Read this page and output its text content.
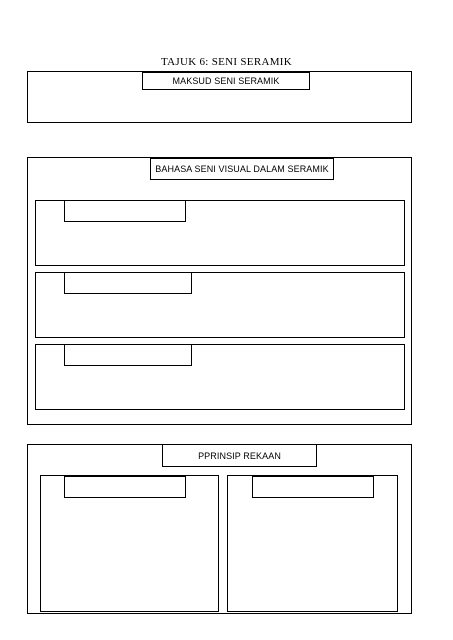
TAJUK 6: SENI SERAMIK
MAKSUD SENI SERAMIK
BAHASA SENI VISUAL DALAM SERAMIK
PPRINSIP REKAAN
